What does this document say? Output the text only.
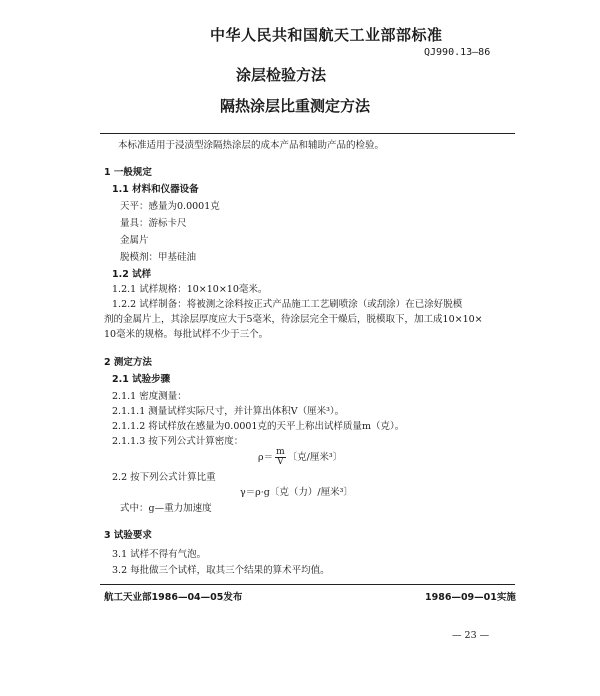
中华人民共和国航天工业部部标准
QJ990.13—86
涂层检验方法
隔热涂层比重测定方法
本标准适用于浸渍型涂隔热涂层的成本产品和辅助产品的检验。
1 一般规定
1.1 材料和仪器设备
天平：感量为0.0001克
量具：游标卡尺
金属片
脱模剂：甲基硅油
1.2 试样
1.2.1 试样规格：10×10×10毫米。
1.2.2 试样制备：将被测之涂料按正式产品施工工艺刷喷涂（或刮涂）在已涂好脱模
剂的金属片上，其涂层厚度应大于5毫米，待涂层完全干燥后，脱模取下，加工成10×10×
10毫米的规格。每批试样不少于三个。
2 测定方法
2.1 试验步骤
2.1.1 密度测量：
2.1.1.1 测量试样实际尺寸，并计算出体积V（厘米³）。
2.1.1.2 将试样放在感量为0.0001克的天平上称出试样质量m（克）。
2.1.1.3 按下列公式计算密度：
$\rho= \frac{m}{V}$ 〔克/厘米³〕
2.2 按下列公式计算比重
γ＝ρ·g〔克（力）/厘米³〕
式中：g—重力加速度
3 试验要求
3.1 试样不得有气泡。
3.2 每批做三个试样，取其三个结果的算术平均值。
航工天业部1986—04—05发布	1986—09—01实施
— 23 —
